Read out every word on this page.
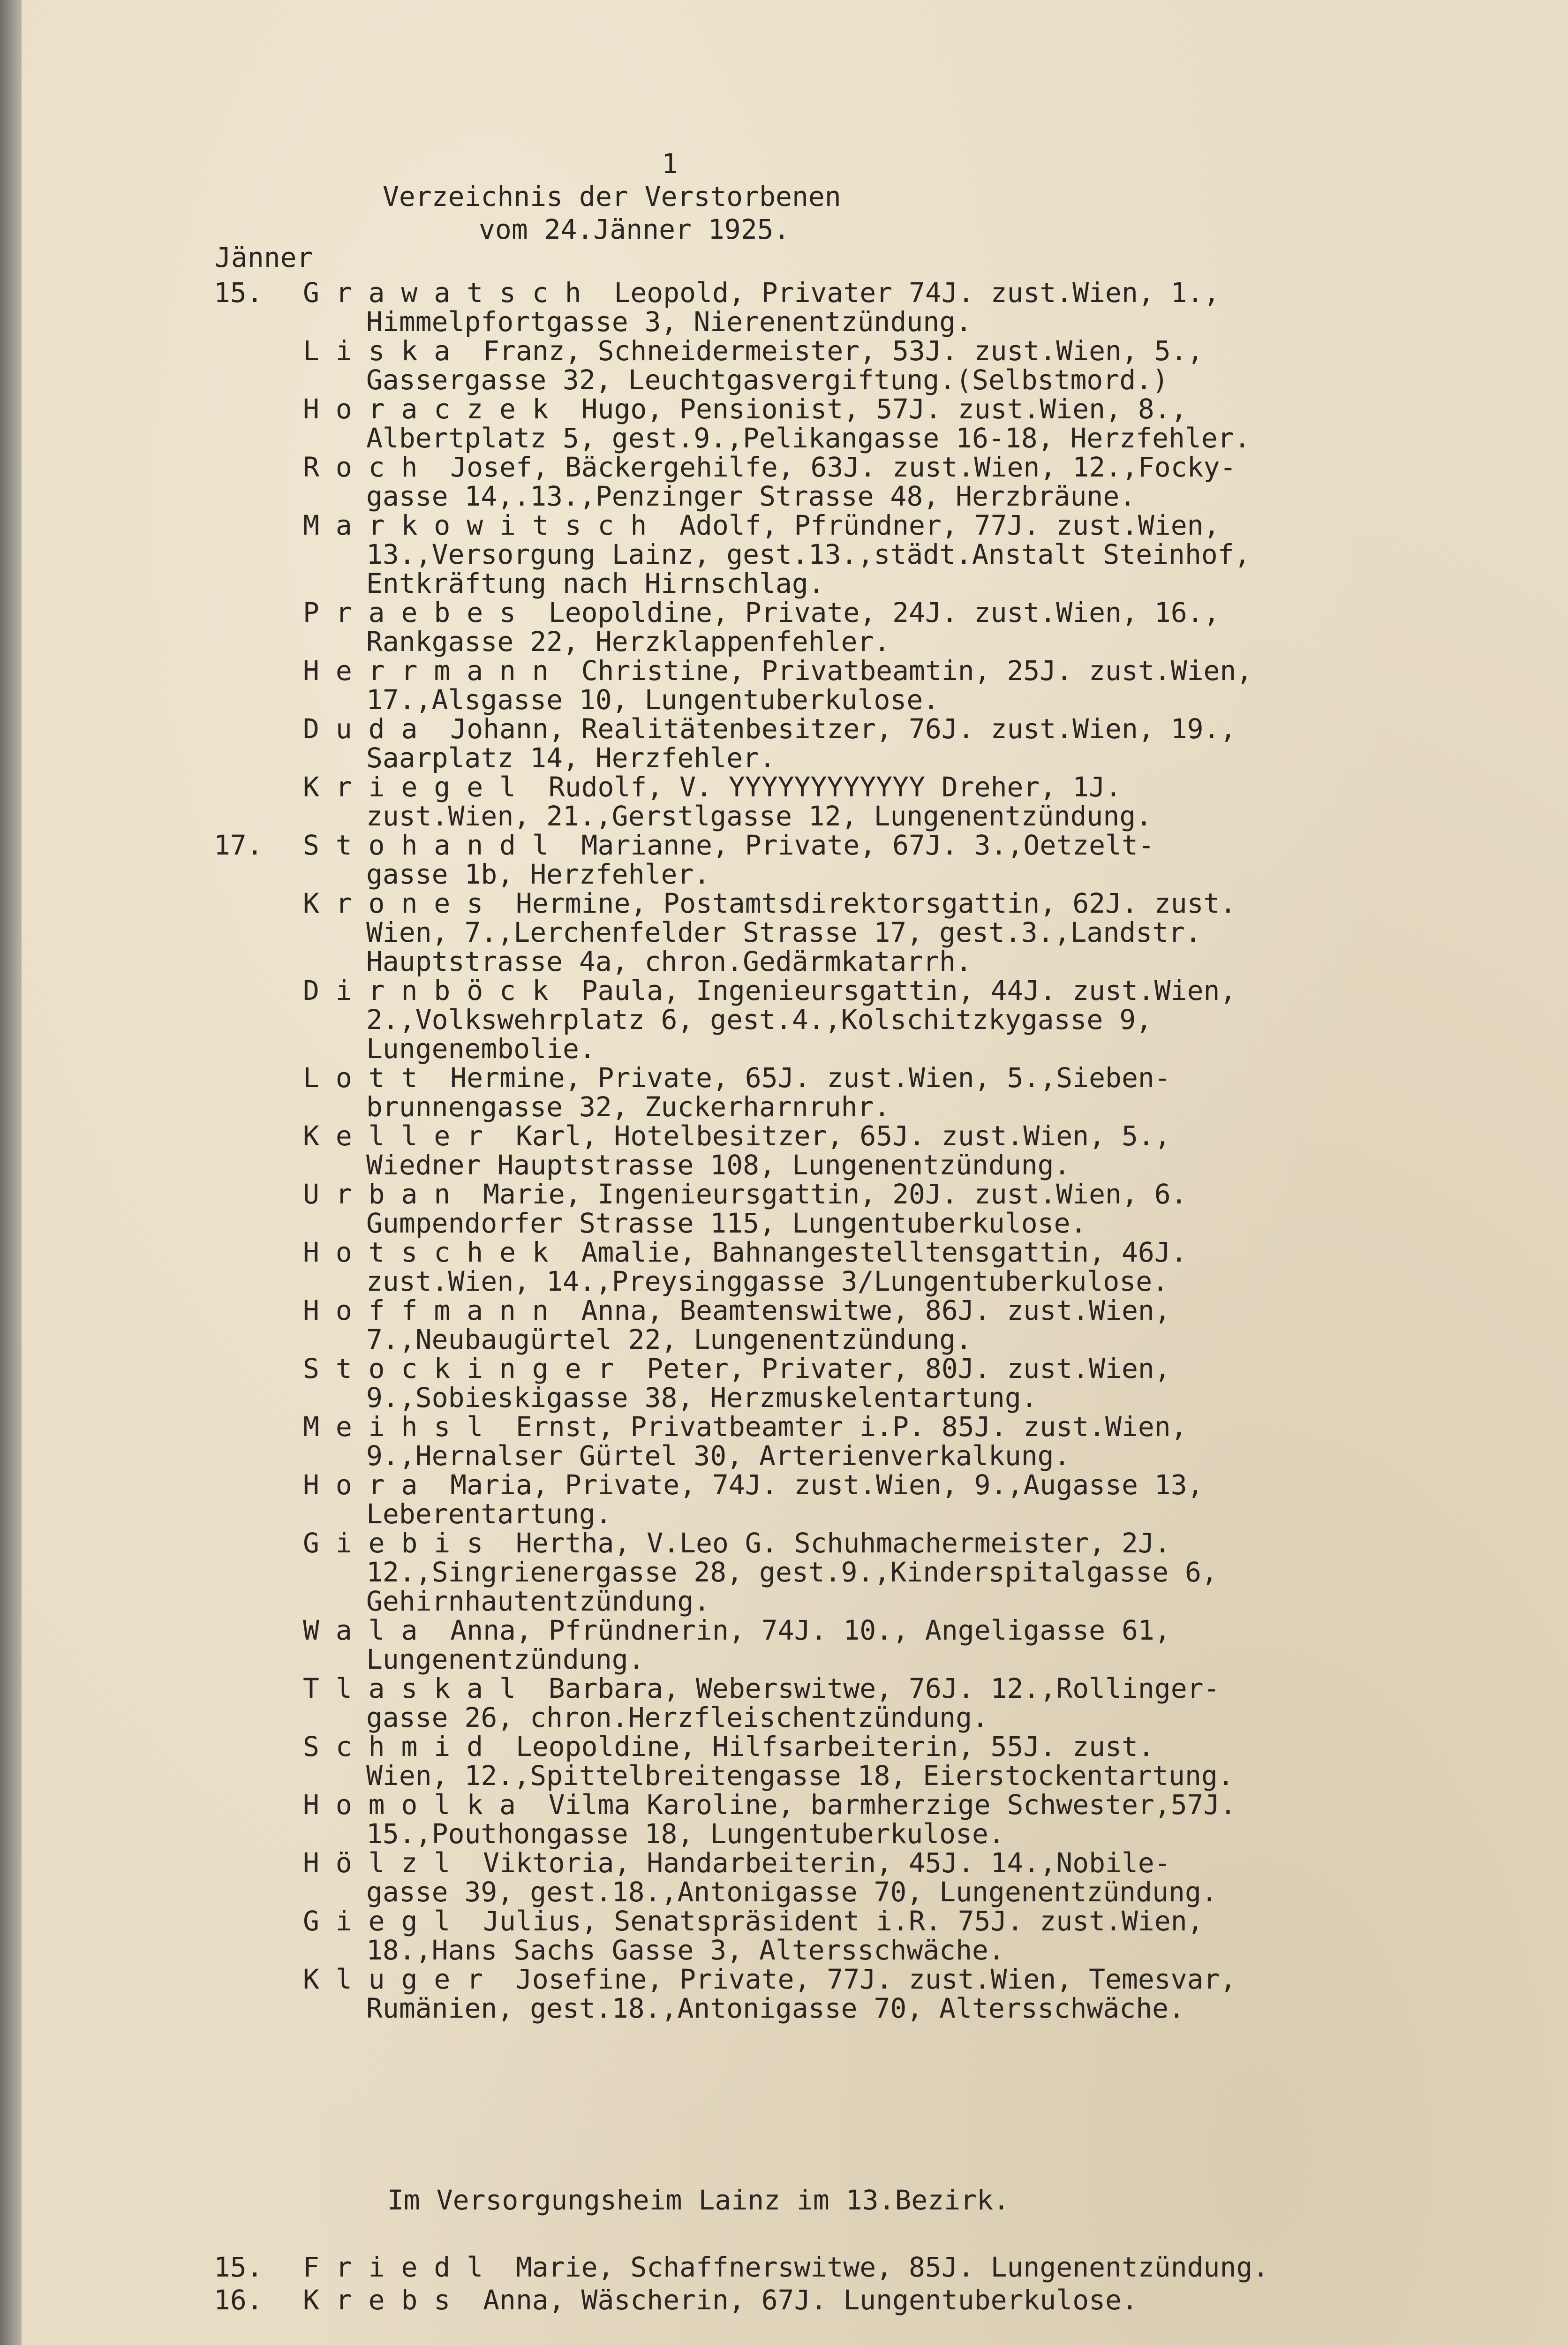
1
Verzeichnis der Verstorbenen
vom 24.Jänner 1925.
Jänner
15. G r a w a t s c h  Leopold, Privater 74J. zust.Wien, 1.,
Himmelpfortgasse 3, Nierenentzündung.
L i s k a  Franz, Schneidermeister, 53J. zust.Wien, 5.,
Gassergasse 32, Leuchtgasvergiftung.(Selbstmord.)
H o r a c z e k  Hugo, Pensionist, 57J. zust.Wien, 8.,
Albertplatz 5, gest.9.,Pelikangasse 16-18, Herzfehler.
R o c h  Josef, Bäckergehilfe, 63J. zust.Wien, 12.,Focky-
gasse 14,.13.,Penzinger Strasse 48, Herzbräune.
M a r k o w i t s c h  Adolf, Pfründner, 77J. zust.Wien,
13.,Versorgung Lainz, gest.13.,städt.Anstalt Steinhof,
Entkräftung nach Hirnschlag.
P r a e b e s  Leopoldine, Private, 24J. zust.Wien, 16.,
Rankgasse 22, Herzklappenfehler.
H e r r m a n n  Christine, Privatbeamtin, 25J. zust.Wien,
17.,Alsgasse 10, Lungentuberkulose.
D u d a  Johann, Realitätenbesitzer, 76J. zust.Wien, 19.,
Saarplatz 14, Herzfehler.
K r i e g e l  Rudolf, V. YYYYYYYYYYYY Dreher, 1J.
zust.Wien, 21.,Gerstlgasse 12, Lungenentzündung.
17. S t o h a n d l  Marianne, Private, 67J. 3.,Oetzelt-
gasse 1b, Herzfehler.
K r o n e s  Hermine, Postamtsdirektorsgattin, 62J. zust.
Wien, 7.,Lerchenfelder Strasse 17, gest.3.,Landstr.
Hauptstrasse 4a, chron.Gedärmkatarrh.
D i r n b ö c k  Paula, Ingenieursgattin, 44J. zust.Wien,
2.,Volkswehrplatz 6, gest.4.,Kolschitzkygasse 9,
Lungenembolie.
L o t t  Hermine, Private, 65J. zust.Wien, 5.,Sieben-
brunnengasse 32, Zuckerharnruhr.
K e l l e r  Karl, Hotelbesitzer, 65J. zust.Wien, 5.,
Wiedner Hauptstrasse 108, Lungenentzündung.
U r b a n  Marie, Ingenieursgattin, 20J. zust.Wien, 6.
Gumpendorfer Strasse 115, Lungentuberkulose.
H o t s c h e k  Amalie, Bahnangestelltensgattin, 46J.
zust.Wien, 14.,Preysinggasse 3/Lungentuberkulose.
H o f f m a n n  Anna, Beamtenswitwe, 86J. zust.Wien,
7.,Neubaugürtel 22, Lungenentzündung.
S t o c k i n g e r  Peter, Privater, 80J. zust.Wien,
9.,Sobieskigasse 38, Herzmuskelentartung.
M e i h s l  Ernst, Privatbeamter i.P. 85J. zust.Wien,
9.,Hernalser Gürtel 30, Arterienverkalkung.
H o r a  Maria, Private, 74J. zust.Wien, 9.,Augasse 13,
Leberentartung.
G i e b i s  Hertha, V.Leo G. Schuhmachermeister, 2J.
12.,Singrienergasse 28, gest.9.,Kinderspitalgasse 6,
Gehirnhautentzündung.
W a l a  Anna, Pfründnerin, 74J. 10., Angeligasse 61,
Lungenentzündung.
T l a s k a l  Barbara, Weberswitwe, 76J. 12.,Rollinger-
gasse 26, chron.Herzfleischentzündung.
S c h m i d  Leopoldine, Hilfsarbeiterin, 55J. zust.
Wien, 12.,Spittelbreitengasse 18, Eierstockentartung.
H o m o l k a  Vilma Karoline, barmherzige Schwester,57J.
15.,Pouthongasse 18, Lungentuberkulose.
H ö l z l  Viktoria, Handarbeiterin, 45J. 14.,Nobile-
gasse 39, gest.18.,Antonigasse 70, Lungenentzündung.
G i e g l  Julius, Senatspräsident i.R. 75J. zust.Wien,
18.,Hans Sachs Gasse 3, Altersschwäche.
K l u g e r  Josefine, Private, 77J. zust.Wien, Temesvar,
Rumänien, gest.18.,Antonigasse 70, Altersschwäche.
Im Versorgungsheim Lainz im 13.Bezirk.
15. F r i e d l  Marie, Schaffnerswitwe, 85J. Lungenentzündung.
16. K r e b s  Anna, Wäscherin, 67J. Lungentuberkulose.
